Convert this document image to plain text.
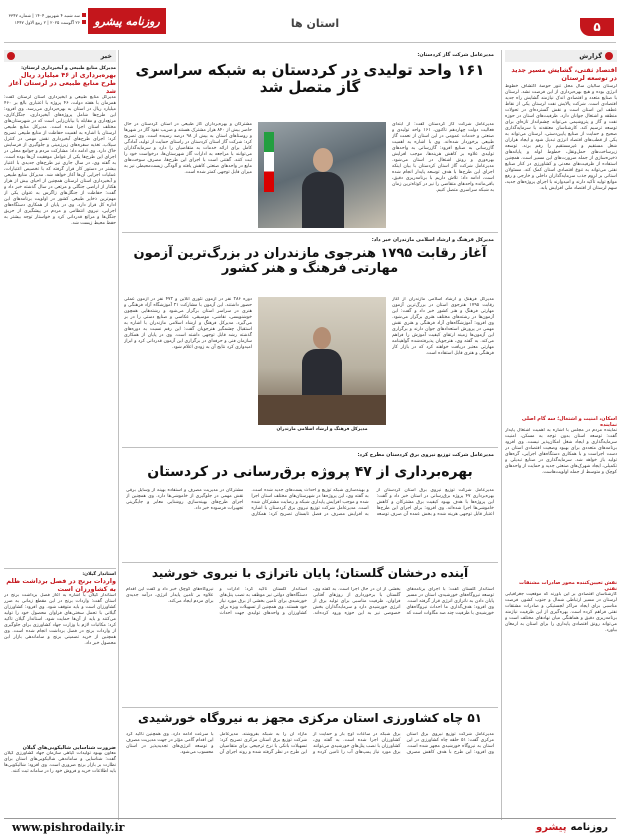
۵
استان ها
روزنامه پیشرو
سه شنبه ۴ شهریور ۱۴۰۴ | شماره ۳۳۴۷
۲۶ آگوست ۲۰۲۵ | ۲ ربیع الاول ۱۴۴۷
گزارش
اقتصاد ثقتی، گشایش مسیر جدید در توسعه لرستان
لرستان سالیان سال محل تنور حوضة اکتشاف خطوط انرژی بوده و هیچ بهره‌برداری از این فرصت نشد. لرستان با صنایع متعدد و اقتصادی اندک نیازمند گشایش راه جدید اقتصادی است. شرکت پالایش نفت لرستان یکی از نقاط عطف این استان است و نقش گسترده‌ای در تحولات منطقه و اشتغال جوانان دارد. ظرفیت‌های استان در حوزه نفت و گاز و پتروشیمی می‌تواند چشم‌انداز تازه‌ای برای توسعه ترسیم کند. کارشناسان معتقدند با سرمایه‌گذاری صحیح و حمایت از صنایع پایین‌دستی، لرستان می‌تواند به یکی از قطب‌های اقتصاد انرژی تبدیل شود و ایجاد هزاران شغل مستقیم و غیرمستقیم را رقم بزند. توسعه زیرساخت‌های حمل‌ونقل، خطوط لوله و پایانه‌های ذخیره‌سازی از جمله ضرورت‌های این مسیر است. همچنین استفاده از ظرفیت‌های معدنی و کشاورزی در کنار صنایع نفتی می‌تواند به تنوع اقتصادی استان کمک کند. مسئولان استانی بر لزوم جذب سرمایه‌گذاران داخلی و خارجی و رفع موانع تولید تأکید دارند و امیدوارند با اجرای پروژه‌های جدید، سهم لرستان از اقتصاد ملی افزایش یابد.
اسکان، امنیت و اشتغال؛ سه گام اصلی نماینده
نماینده مردم در مجلس با اشاره به اهمیت اشتغال پایدار گفت: توسعه استان بدون توجه به مسکن، امنیت سرمایه‌گذاری و ایجاد شغل امکان‌پذیر نیست. وی افزود برنامه‌های متعددی برای بهبود وضعیت اقتصادی استان در دست اجراست و با همکاری دستگاه‌های اجرایی، گره‌های تولید باز خواهد شد. سرمایه‌گذاری در صنایع تبدیلی و تکمیلی، ایجاد شهرک‌های صنعتی جدید و حمایت از واحدهای کوچک و متوسط از جمله اولویت‌هاست.
نقش تعیین‌کننده محور صادرات مشتقات نفتی
کارشناسان اقتصادی بر این باورند که موقعیت جغرافیایی لرستان در مسیر ارتباطی شمال و جنوب کشور، فرصت مناسبی برای ایجاد مراکز لجستیکی و صادرات مشتقات نفتی فراهم کرده است. بهره‌گیری از این ظرفیت نیازمند برنامه‌ریزی دقیق و هماهنگی میان نهادهای مختلف است و می‌تواند رونق اقتصادی پایداری را برای استان به ارمغان بیاورد.
مدیرعامل شرکت گاز کردستان:
۱۶۱ واحد تولیدی در کردستان به شبکه سراسری گاز متصل شد
مدیرعامل شرکت گاز کردستان گفت: از ابتدای فعالیت دولت چهاردهم تاکنون، ۱۶۱ واحد تولیدی و صنعتی و خدمات عمومی در این استان از نعمت گاز طبیعی برخوردار شده‌اند. وی با اشاره به اهمیت گازرسانی به صنایع افزود: گازرسانی به واحدهای تولیدی علاوه بر کاهش هزینه‌ها، موجب افزایش بهره‌وری و رونق اشتغال در استان می‌شود. مدیرعامل شرکت گاز استان کردستان با بیان اینکه اجرای این طرح‌ها با هدف توسعه پایدار انجام شده است، ادامه داد: تلاش داریم با برنامه‌ریزی دقیق، باقی‌مانده واحدهای متقاضی را نیز در کوتاه‌ترین زمان به شبکه سراسری متصل کنیم.
مشترکان و بهره‌برداران گاز طبیعی در استان کردستان در حال حاضر بیش از ۸۴۰ هزار مشترک هستند و ضریب نفوذ گاز در شهرها و روستاهای استان به بیش از ۹۸ درصد رسیده است. وی تصریح کرد: شرکت گاز استان کردستان در راستای حمایت از تولید، آمادگی کامل برای ارائه خدمات به متقاضیان را دارد و سرمایه‌گذاران می‌توانند با مراجعه به ادارات گاز شهرستان‌ها، درخواست خود را ثبت کنند. گفتنی است با اجرای این طرح‌ها، مصرف سوخت‌های مایع در واحدهای صنعتی کاهش یافته و آلودگی زیست‌محیطی نیز به میزان قابل توجهی کمتر شده است.
مدیرکل فرهنگ و ارشاد اسلامی مازندران خبر داد:
آغاز رقابت ۱۷۹۵ هنرجوی مازندران در بزرگ‌ترین آزمون مهارتی فرهنگ و هنر کشور
مدیرکل فرهنگ و ارشاد اسلامی مازندران از آغاز رقابت ۱۷۹۵ هنرجوی استان در بزرگ‌ترین آزمون مهارتی فرهنگ و هنر کشور خبر داد و گفت: این آزمون‌ها در رشته‌های مختلف هنری برگزار می‌شود. وی افزود: آموزشگاه‌های آزاد فرهنگی و هنری نقش مهمی در پرورش استعدادهای جوان دارند و برگزاری این آزمون‌ها زمینه ارتقای کیفیت آموزش را فراهم می‌کند. به گفته وی، هنرجویان پذیرفته‌شده گواهینامه مهارتی معتبر دریافت خواهند کرد که در بازار کار فرهنگی و هنری قابل استفاده است.
مدیرکل فرهنگ و ارشاد اسلامی مازندران
دوره ۲۸۶ نفر در آزمون تئوری آنلاین و ۴۷۲ نفر در آزمون عملی حضور داشتند. این آزمون با مشارکت ۲۱ آموزشگاه آزاد فرهنگی و هنری در سراسر استان برگزار می‌شود و رشته‌هایی همچون خوشنویسی، نقاشی، موسیقی، عکاسی و صنایع دستی را در بر می‌گیرد. مدیرکل فرهنگ و ارشاد اسلامی مازندران با اشاره به استقبال چشمگیر هنرجویان گفت: این رقم نسبت به دوره‌های گذشته رشد قابل توجهی داشته است. وی در پایان از همکاری سازمان فنی و حرفه‌ای در برگزاری این آزمون قدردانی کرد و ابراز امیدواری کرد نتایج آن به زودی اعلام شود.
مدیرعامل شرکت توزیع نیروی برق کردستان مطرح کرد:
بهره‌برداری از ۴۷ پروژه برق‌رسانی در کردستان
مدیرعامل شرکت توزیع نیروی برق استان کردستان از بهره‌برداری ۴۷ پروژه برق‌رسانی در استان خبر داد و گفت: این پروژه‌ها با هدف بهبود کیفیت برق مشترکان و کاهش خاموشی‌ها اجرا شده‌اند. وی افزود: برای اجرای این طرح‌ها اعتبار قابل توجهی هزینه شده و بخش عمده آن صرف توسعه و بهینه‌سازی شبکه توزیع و احداث پست‌های جدید شده است. به گفته وی، این پروژه‌ها در شهرستان‌های مختلف استان اجرا شده و موجب افزایش پایداری شبکه و رضایت مشترکان شده است. مدیرعامل شرکت توزیع نیروی برق کردستان با اشاره به افزایش مصرف در فصل تابستان تصریح کرد: همکاری مشترکان در مدیریت مصرف و استفاده بهینه از وسایل برقی نقش مهمی در جلوگیری از خاموشی‌ها دارد. وی همچنین از اجرای طرح‌های بهینه‌سازی روشنایی معابر و جایگزینی تجهیزات فرسوده خبر داد.
آینده درخشان گلستان؛ پایان ناترازی با نیروی خورشید
استاندار گلستان گفت: با اجرای برنامه‌های توسعه نیروگاه‌های خورشیدی، استان در مسیر پایان دادن به ناترازی انرژی قرار گرفته است. وی افزود: هدف‌گذاری ما احداث نیروگاه‌های خورشیدی با ظرفیت چند صد مگاوات است که بخشی از آن در حال اجرا است. به گفته وی، گلستان با برخورداری از روزهای آفتابی فراوان، ظرفیت مناسبی برای تولید برق از انرژی خورشیدی دارد و سرمایه‌گذاران بخش خصوصی نیز به این حوزه ورود کرده‌اند. استاندار گلستان تاکید کرد: ادارات و دستگاه‌های دولتی نیز موظف به نصب پنل‌های خورشیدی برای تامین بخشی از برق مورد نیاز خود هستند. وی همچنین از تسهیلات ویژه برای کشاورزان و واحدهای تولیدی جهت احداث نیروگاه‌های کوچک خبر داد و گفت این اقدام علاوه بر تامین پایدار انرژی، درآمد جدیدی برای مردم ایجاد می‌کند.
۵۱ چاه کشاورزی استان مرکزی مجهز به نیروگاه خورشیدی
مدیرعامل شرکت توزیع نیروی برق استان مرکزی گفت: ۵۱ حلقه چاه کشاورزی در این استان به نیروگاه خورشیدی مجهز شده است. وی افزود: این طرح با هدف کاهش مصرف برق شبکه در ساعات اوج بار و حمایت از کشاورزان اجرا شده است. به گفته وی، کشاورزان با نصب پنل‌های خورشیدی می‌توانند برق مورد نیاز پمپ‌های آب را تامین کرده و مازاد آن را به شبکه بفروشند. مدیرعامل شرکت توزیع برق استان مرکزی تصریح کرد: تسهیلات بانکی با نرخ ترجیحی برای متقاضیان این طرح در نظر گرفته شده و روند اجرای آن با سرعت ادامه دارد. وی همچنین تاکید کرد این اقدام گامی مؤثر در جهت مدیریت مصرف و توسعه انرژی‌های تجدیدپذیر در استان محسوب می‌شود.
خبر
مدیرکل منابع طبیعی و آبخیزداری لرستان:
بهره‌برداری از ۴۶ میلیارد ریال طرح منابع طبیعی در لرستان آغاز شد
مدیرکل منابع طبیعی و آبخیزداری استان لرستان گفت: همزمان با هفته دولت، ۴۶ پروژه با اعتباری بالغ بر ۴۶۰ میلیارد ریال در استان به بهره‌برداری می‌رسد. وی افزود: این طرح‌ها شامل پروژه‌های آبخیزداری، جنگل‌کاری، مرتع‌داری و مقابله با بیابان‌زایی است که در شهرستان‌های مختلف استان اجرا شده است. مدیرکل منابع طبیعی لرستان با اشاره به اهمیت حفاظت از منابع طبیعی تصریح کرد: اجرای طرح‌های آبخیزداری نقش مهمی در کنترل سیلاب، تغذیه سفره‌های زیرزمینی و جلوگیری از فرسایش خاک دارد. وی ادامه داد: مشارکت مردم و جوامع محلی در اجرای این طرح‌ها یکی از عوامل موفقیت آن‌ها بوده است. به گفته وی، در سال جاری نیز طرح‌های جدیدی با اعتبار بیشتر در دستور کار قرار گرفته که با تخصیص اعتبارات، عملیات اجرایی آن‌ها آغاز خواهد شد. مدیرکل منابع طبیعی و آبخیزداری استان لرستان همچنین از احیای بیش از هزار هکتار از اراضی جنگلی و مرتعی در سال گذشته خبر داد و گفت: حفاظت از جنگل‌های زاگرس به عنوان یکی از مهم‌ترین ذخایر طبیعی کشور در اولویت برنامه‌های این اداره کل قرار دارد. وی در پایان از همکاری دستگاه‌های اجرایی، نیروی انتظامی و مردم در پیشگیری از حریق جنگل‌ها و مراتع قدردانی کرد و خواستار توجه بیشتر به حفظ محیط زیست شد.
استاندار گیلان:
واردات برنج در فصل برداشت ظلم به کشاورزان است
استاندار گیلان با اشاره به آغاز فصل برداشت برنج در استان گفت: واردات برنج در این مقطع زمانی به ضرر کشاورزان است و باید متوقف شود. وی افزود: کشاورزان گیلانی با تحمل سختی‌های فراوان محصول خود را تولید می‌کنند و باید از آن‌ها حمایت شود. استاندار گیلان تاکید کرد: مکاتبات لازم با وزارت جهاد کشاورزی برای جلوگیری از واردات برنج در فصل برداشت انجام شده است. وی همچنین از خرید تضمینی برنج و ساماندهی بازار این محصول خبر داد.
ضرورت شناسایی شالیکوبی‌های گیلان
معاون بهبود تولیدات گیاهی سازمان جهاد کشاورزی گیلان گفت: شناسایی و ساماندهی شالیکوبی‌های استان برای نظارت بر بازار برنج ضروری است. وی افزود: شالیکوبی‌ها باید اطلاعات خرید و فروش خود را در سامانه ثبت کنند.
www.pishrodaily.ir	روزنامه
پیشرو
